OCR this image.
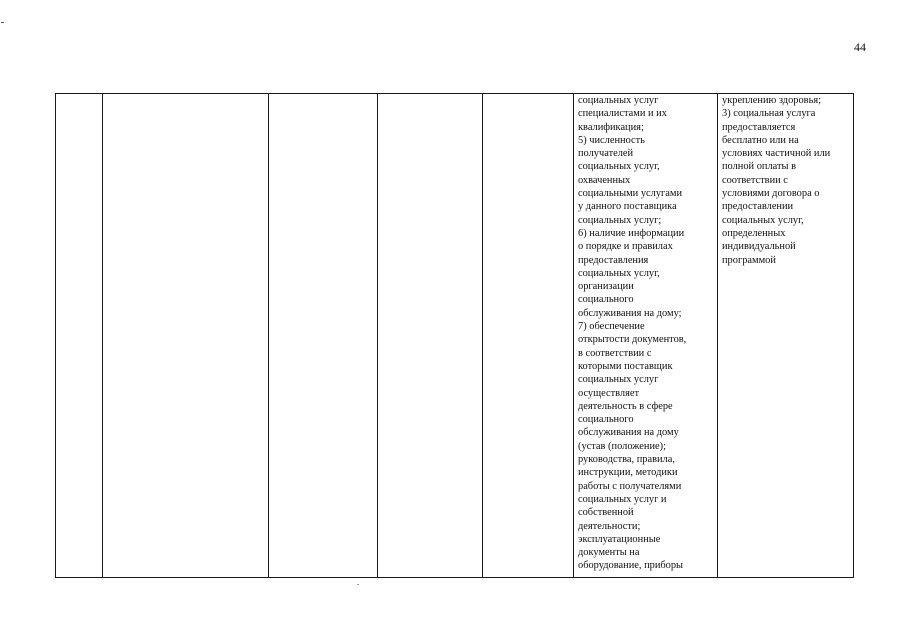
44
социальных услуг
специалистами и их
квалификация;
5) численность
получателей
социальных услуг,
охваченных
социальными услугами
у данного поставщика
социальных услуг;
6) наличие информации
о порядке и правилах
предоставления
социальных услуг,
организации
социального
обслуживания на дому;
7) обеспечение
открытости документов,
в соответствии с
которыми поставщик
социальных услуг
осуществляет
деятельность в сфере
социального
обслуживания на дому
(устав (положение);
руководства, правила,
инструкции, методики
работы с получателями
социальных услуг и
собственной
деятельности;
эксплуатационные
документы на
оборудование, приборы
укреплению здоровья;
3) социальная услуга
предоставляется
бесплатно или на
условиях частичной или
полной оплаты в
соответствии с
условиями договора о
предоставлении
социальных услуг,
определенных
индивидуальной
программой
